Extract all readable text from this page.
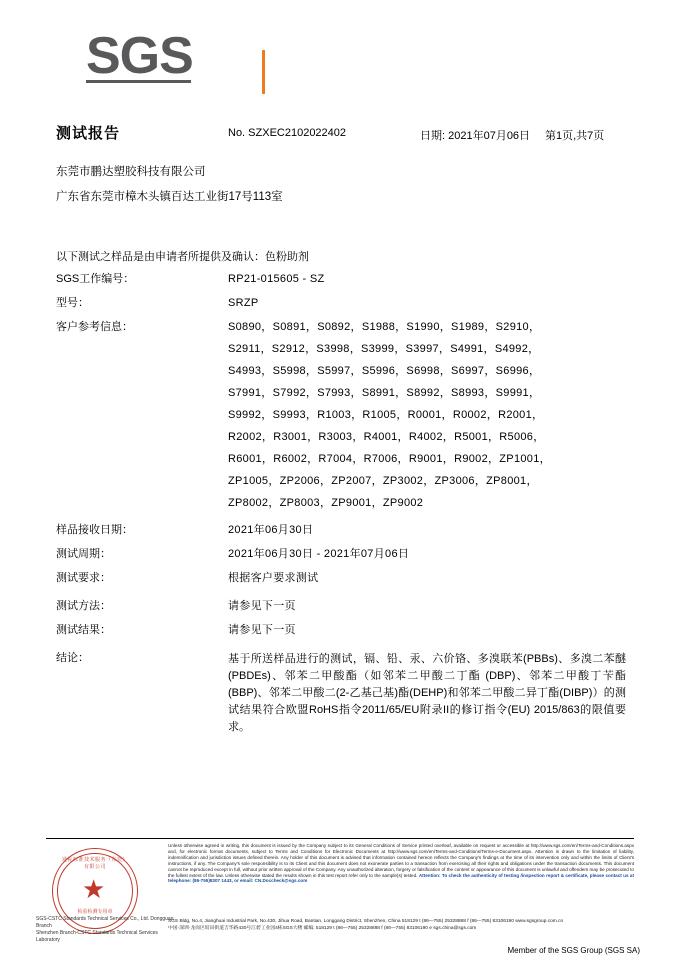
SGS
测试报告	No. SZXEC2102022402	日期: 2021年07月06日 第1页,共7页
东莞市鹏达塑胶科技有限公司
广东省东莞市樟木头镇百达工业街17号113室
以下测试之样品是由申请者所提供及确认：色粉助剂
SGS工作编号：	RP21-015605 - SZ
型号：	SRZP
客户参考信息：	S0890，S0891，S0892，S1988，S1990，S1989，S2910，
S2911，S2912，S3998，S3999，S3997，S4991，S4992，
S4993，S5998，S5997，S5996，S6998，S6997，S6996，
S7991，S7992，S7993，S8991，S8992，S8993，S9991，
S9992，S9993，R1003，R1005，R0001，R0002，R2001，
R2002，R3001，R3003，R4001，R4002，R5001，R5006，
R6001，R6002，R7004，R7006，R9001，R9002，ZP1001，
ZP1005，ZP2006，ZP2007，ZP3002，ZP3006，ZP8001，
ZP8002，ZP8003，ZP9001，ZP9002
样品接收日期：	2021年06月30日
测试周期：	2021年06月30日 - 2021年07月06日
测试要求：	根据客户要求测试
测试方法：	请参见下一页
测试结果：	请参见下一页
结论：	基于所送样品进行的测试，镉、铅、汞、六价铬、多溴联苯(PBBs)、多溴二苯醚(PBDEs)、邻苯二甲酸酯（如邻苯二甲酸二丁酯 (DBP)、邻苯二甲酸丁苄酯(BBP)、邻苯二甲酸二(2-乙基己基)酯(DEHP)和邻苯二甲酸二异丁酯(DIBP)）的测试结果符合欧盟RoHS指令2011/65/EU附录II的修订指令(EU) 2015/863的限值要求。
通标标准技术服务（东莞）有限公司
★
检验检测专用章
SGS-CSTC Standards Technical Services Co., Ltd. Dongguan Branch
Shenzhen Branch-CSTC Standards Technical Services Laboratory
Unless otherwise agreed in writing, this document is issued by the Company subject to its General Conditions of Service printed overleaf, available on request or accessible at http://www.sgs.com/en/Terms-and-Conditions.aspx and, for electronic format documents, subject to Terms and Conditions for Electronic Documents at http://www.sgs.com/en/Terms-and-Conditions/Terms-e-Document.aspx. Attention is drawn to the limitation of liability, indemnification and jurisdiction issues defined therein. Any holder of this document is advised that information contained hereon reflects the Company's findings at the time of its intervention only and within the limits of Client's instructions, if any. The Company's sole responsibility is to its Client and this document does not exonerate parties to a transaction from exercising all their rights and obligations under the transaction documents. This document cannot be reproduced except in full, without prior written approval of the Company. Any unauthorized alteration, forgery or falsification of the content or appearance of this document is unlawful and offenders may be prosecuted to the fullest extent of the law. Unless otherwise stated the results shown in this test report refer only to the sample(s) tested. Attention: To check the authenticity of testing /inspection report & certificate, please contact us at telephone: (86-755)8307 1443, or email: CN.Doccheck@sgs.com
SGS Bldg, No.4, Jianghuai Industrial Park, No.430, Jihua Road, Bantian, Longgang District, Shenzhen, China 518129 t (86—755) 25328888 f (86—755) 83106190 www.sgsgroup.com.cn
中国·深圳·龙岗区坂田街道吉华路430号江碧工业园4栋SGS大楼 邮编: 518129 t (86—755) 25328888 f (86—755) 83106190 e sgs.china@sgs.com
Member of the SGS Group (SGS SA)
